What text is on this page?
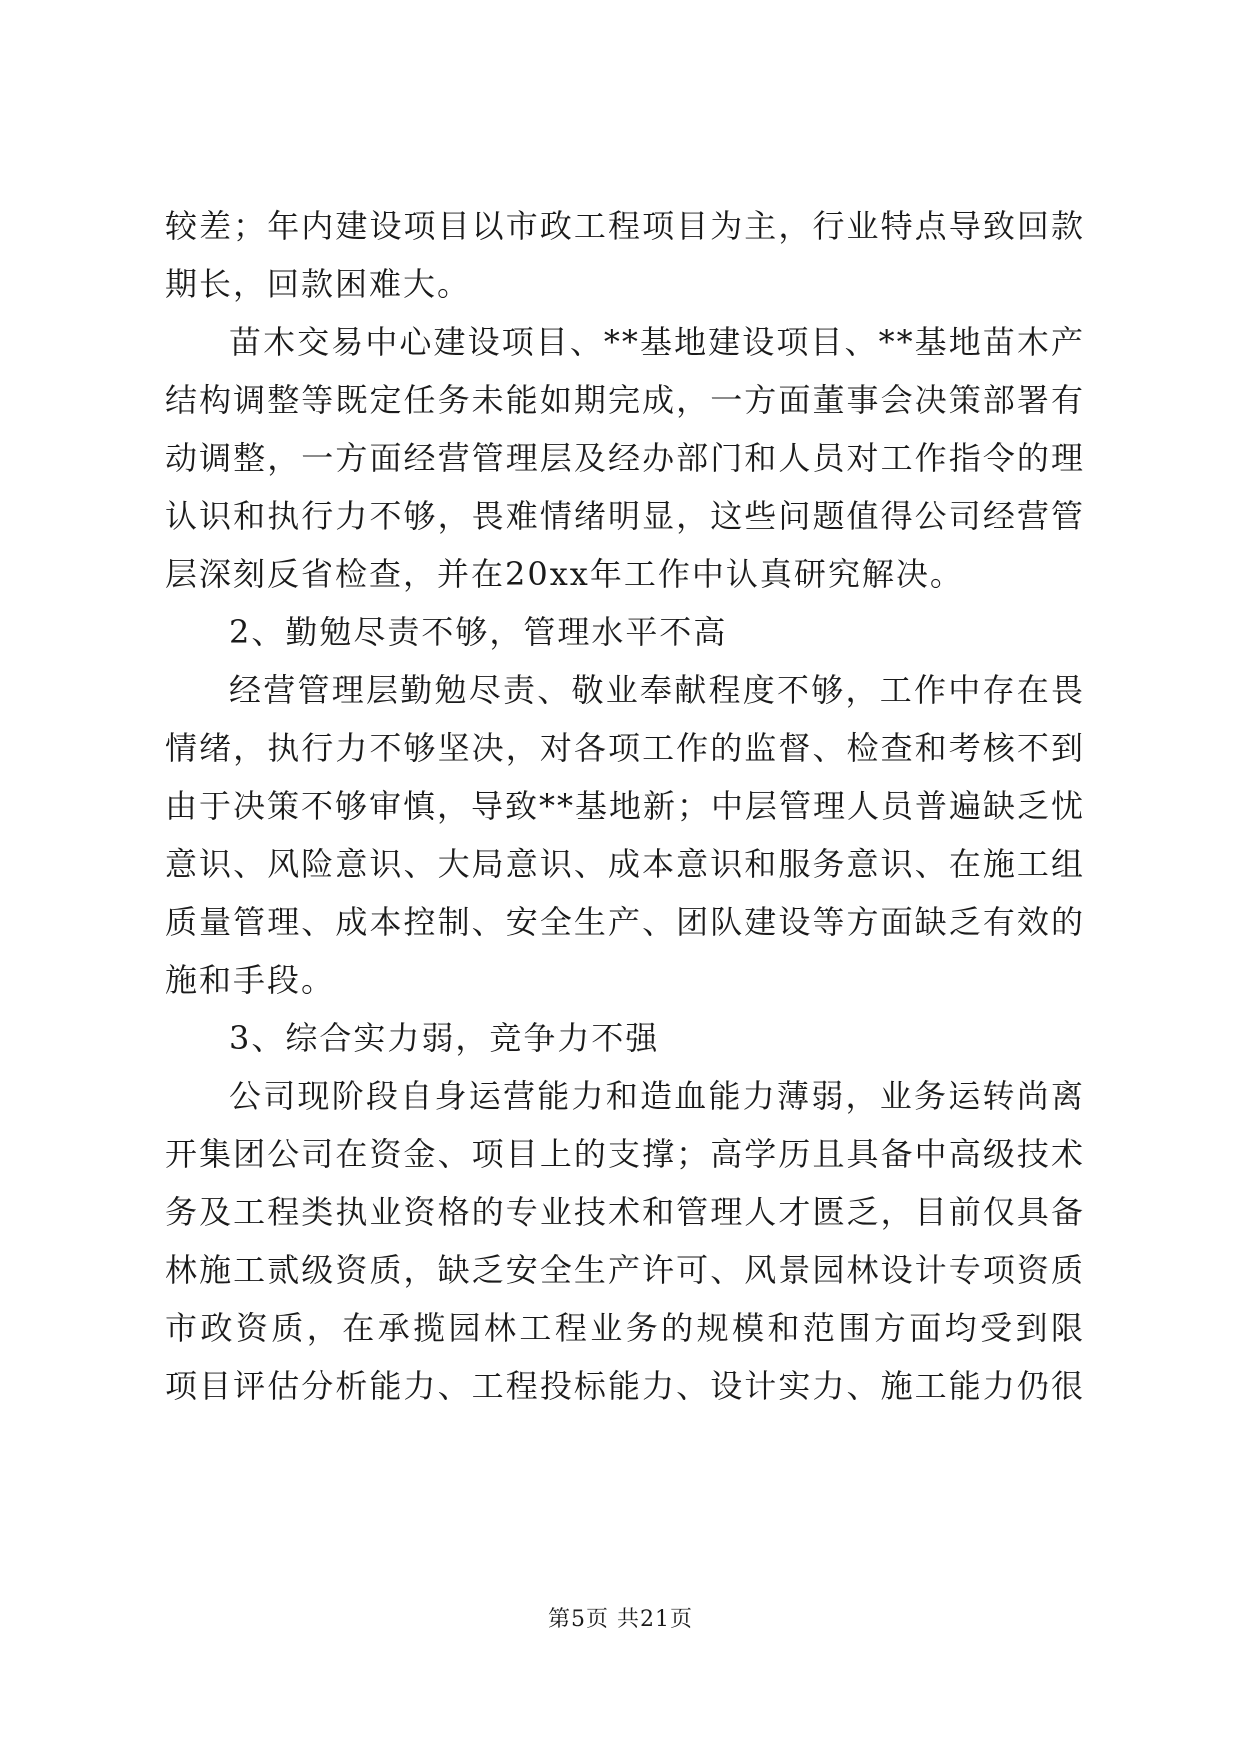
较差；年内建设项目以市政工程项目为主，行业特点导致回款
期长，回款困难大。
苗木交易中心建设项目、**基地建设项目、**基地苗木产
结构调整等既定任务未能如期完成，一方面董事会决策部署有
动调整，一方面经营管理层及经办部门和人员对工作指令的理
认识和执行力不够，畏难情绪明显，这些问题值得公司经营管
层深刻反省检查，并在20xx年工作中认真研究解决。
2、勤勉尽责不够，管理水平不高
经营管理层勤勉尽责、敬业奉献程度不够，工作中存在畏
情绪，执行力不够坚决，对各项工作的监督、检查和考核不到
由于决策不够审慎，导致**基地新；中层管理人员普遍缺乏忧
意识、风险意识、大局意识、成本意识和服务意识、在施工组
质量管理、成本控制、安全生产、团队建设等方面缺乏有效的
施和手段。
3、综合实力弱，竞争力不强
公司现阶段自身运营能力和造血能力薄弱，业务运转尚离
开集团公司在资金、项目上的支撑；高学历且具备中高级技术
务及工程类执业资格的专业技术和管理人才匮乏，目前仅具备
林施工贰级资质，缺乏安全生产许可、风景园林设计专项资质
市政资质，在承揽园林工程业务的规模和范围方面均受到限
项目评估分析能力、工程投标能力、设计实力、施工能力仍很
第5页 共21页
